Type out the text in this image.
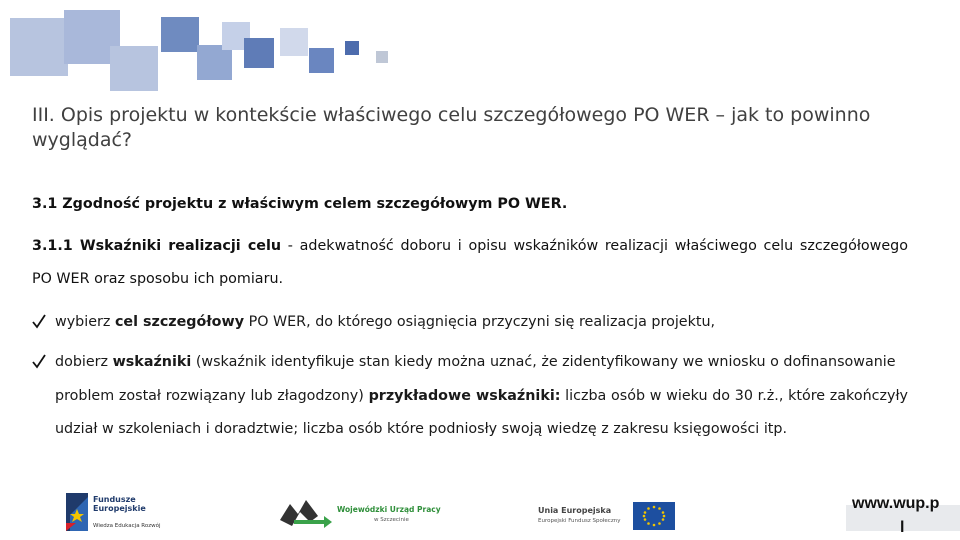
III. Opis projektu w kontekście właściwego celu szczegółowego PO WER – jak to powinno
wyglądać?
3.1 Zgodność projektu z właściwym celem szczegółowym PO WER.
3.1.1 Wskaźniki realizacji celu - adekwatność doboru i opisu wskaźników realizacji właściwego celu szczegółowego
PO WER oraz sposobu ich pomiaru.
wybierz cel szczegółowy PO WER, do którego osiągnięcia przyczyni się realizacja projektu,
dobierz wskaźniki (wskaźnik identyfikuje stan kiedy można uznać, że zidentyfikowany we wniosku o dofinansowanie
problem został rozwiązany lub złagodzony) przykładowe wskaźniki: liczba osób w wieku do 30 r.ż., które zakończyły
udział w szkoleniach i doradztwie; liczba osób które podniosły swoją wiedzę z zakresu księgowości itp.
Fundusze
Europejskie
Wiedza Edukacja Rozwój
Wojewódzki Urząd Pracy
w Szczecinie
Unia Europejska
Europejski Fundusz Społeczny
www.wup.p
l
